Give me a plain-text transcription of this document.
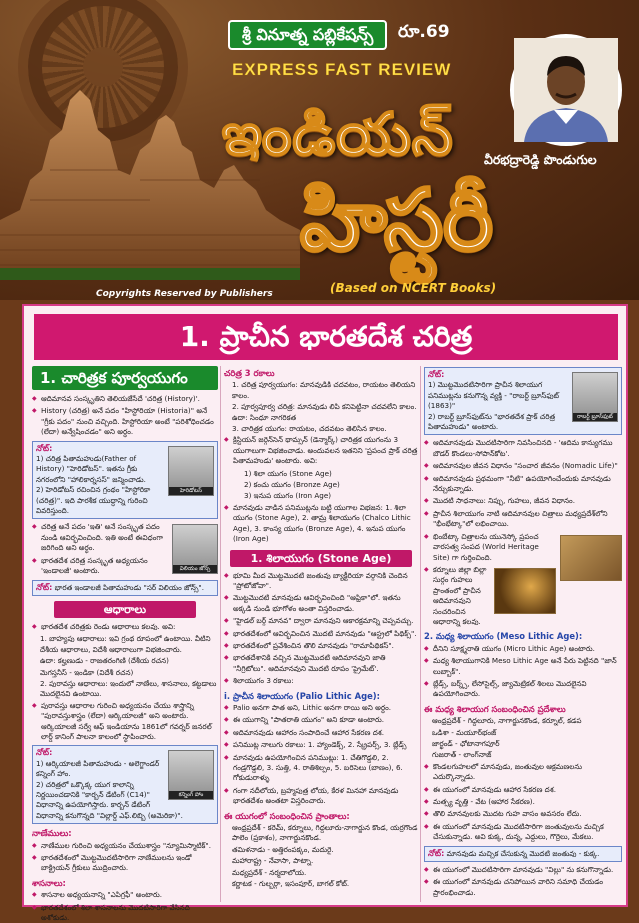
శ్రీ వినూత్న పబ్లికేషన్స్	రూ.69
EXPRESS FAST REVIEW
వీరభద్రారెడ్డి పొండుగుల
ఇండియన్
హిస్టరీ
(Based on NCERT Books)
Copyrights Reserved by Publishers
1. ప్రాచీన భారతదేశ చరిత్ర
1. చారిత్రక పూర్వయుగం
◆ ఆదిమానవ సంస్కృతిని తెలియజేసేదే 'చరిత్ర (History)'.
◆ History (చరిత్ర) అనే పదం "హిస్టోరియా (Historia)" అనే "గ్రీకు పదం" నుంచి వచ్చింది. హిస్టోరియా అంటే "పరిశోధించడం (లేదా) అన్వేషించడం" అని అర్థం.
హెరిడోటస్
నోట్:
1) చరిత్ర పితామహుడు(Father of History) "హెరిడోటస్". ఇతను గ్రీకు నగరంలోని "హాలికార్నసస్" జన్మించాడు.
2) హెరిడోటస్ రచించిన గ్రంథం "హిస్టోరికా (చరిత్ర)". ఇది పారశీక యుద్ధాన్ని గురించి వివరిస్తుంది.
విలియం జోన్స్
◆ చరిత్ర అనే పదం 'ఇతి' అనే సంస్కృత పదం నుండి ఆవిర్భవించింది. ఇతి అంటే ఈవిధంగా జరిగింది అని అర్థం.
◆ భారతదేశ చరిత్ర సంస్కృత అధ్యయనం 'ఇండాలజీ' అంటారు.
నోట్: భారత ఇండాలజీ పితామహుడు "సర్ విలియం జోన్స్".
ఆధారాలు
◆ భారతదేశ చరిత్రకు రెండు ఆధారాలు కలవు. అవి:
1. బాహ్యపు ఆధారాలు: ఇవి గ్రంథ రూపంలో ఉంటాయి. వీటిని దేశీయ ఆధారాలు, విదేశీ ఆధారాలుగా విభజించారు.
ఉదా: కల్హణుడు - రాజతరంగిణి (దేశీయ రచన)
మెగస్తనీస్ - ఇండికా (విదేశీ రచన)
2. పురావస్తు ఆధారాలు: ఇందులో నాణేలు, శాసనాలు, కట్టడాలు మొదలైనవి ఉంటాయి.
◆ పురావస్తు ఆధారాల గురించి అధ్యయనం చేయు శాస్త్రాన్ని "పురావస్తుశాస్త్రం (లేదా) ఆర్కియాలజీ" అని అంటారు. ఆర్కియాలజీ సర్వే ఆఫ్ ఇండియాను 1861లో గవర్నర్ జనరల్ లార్డ్ కానింగ్ పాలనా కాలంలో స్థాపించారు.
కన్నింగ్ హాం
నోట్:
1) ఆర్కియాలజీ పితామహుడు - అలెగ్జాండర్ కన్నింగ్ హాం.
2) చరిత్రలో ఒక్కొక్క యుగ కాలాన్ని నిర్ణయించడానికి "కార్బన్ డేటింగ్ (C14)" విధానాన్ని ఉపయోగిస్తారు. కార్బన్ డేటింగ్ విధానాన్ని కనుగొన్నది "విల్లార్డ్ ఎఫ్.లిబ్బి (అమెరికా)".
నాణేములు:
◆ నాణేముల గురించి అధ్యయనం చేయుశాస్త్రం "న్యూమిస్మాటిక్".
◆ భారతదేశంలో మొట్టమొదటిసారిగా నాణేములను ఇండో బాక్ట్రియన్ గ్రీకులు ముద్రించారు.
శాసనాలు:
◆ శాసనాల అధ్యయనాన్ని "ఎపిగ్రఫీ" అంటారు.
◆ భారతదేశంలో శిలా శాసనాలను మొదటిసారిగా వేసినది అశోకుడు.
చరిత్ర 3 రకాలు
1. చరిత్ర పూర్వయుగం: మానవుడికి చదవటం, రాయటం తెలియని కాలం.
2. పూర్వపూర్వ చరిత్ర: మానవుడు లిపి కనిపెట్టినా చదవలేని కాలం. ఉదా: సింధూ నాగరికత
3. చారిత్రక యుగం: రాయటం, చదవటం తెలిసిన కాలం.
◆ క్రిస్టియన్ జర్గెన్‌సెన్ థామ్సన్ (డెన్మార్క్) చారిత్రక యుగంను 3 యుగాలుగా విభజించాడు. అందువలన ఇతనిని 'ప్రపంచ ప్రాక్ చరిత్ర పితామహుడు' అంటారు. అవి:
1) శిలా యుగం (Stone Age)
2) కంచు యుగం (Bronze Age)
3) ఇనుప యుగం (Iron Age)
◆ మానవుడు వాడిన పనిముట్లను బట్టి యుగాల విభజన: 1. శిలా యుగం (Stone Age), 2. తామ్ర శిలాయుగం (Chalco Lithic Age), 3. కాంస్య యుగం (Bronze Age), 4. ఇనుప యుగం (Iron Age)
1. శిలాయుగం (Stone Age)
◆ భూమి మీద మొట్టమొదటి జంతువు బ్యాక్టీరియా వర్గానికి చెందిన "ప్రోటోజోవా".
◆ మొట్టమొదటి మానవుడు ఆవిర్భవించింది "ఆఫ్రికా"లో. ఇతను అక్కడి నుండి భూగోళం అంతా విస్తరించాడు.
◆ "హైడల్ బర్గ్ మానవ" ద్వారా మానవుని ఆకారక్రమాన్ని చెప్పవచ్చు.
◆ భారతదేశంలో ఆవిర్భవించిన మొదటి మానవుడు "ఆస్ట్రలో పిథిక్స్".
◆ భారతదేశంలో ప్రవేశించిన తొలి మానవుడు "రామాపిథికస్".
◆ భారతదేశానికి వచ్చిన మొట్టమొదటి ఆదిమానవుని జాతి "నీగ్రిటోలు". ఆదిమానవుని మొదటి రూపం 'ప్రైమేట్'.
◆ శిలాయుగం 3 రకాలు:
i. ప్రాచీన శిలాయుగం (Palio Lithic Age):
◆ Palio అనగా పాత అని, Lithic అనగా రాయి అని అర్థం.
◆ ఈ యుగాన్ని "పాతరాతి యుగం" అని కూడా అంటారు.
◆ ఆదిమానవుడు ఆహారం సంపాదించే ఆహార సేకరణ దశ.
◆ పనిముట్ల నాలుగు రకాలు: 1. హ్యాండెక్స్, 2. స్క్రేపర్స్, 3. బ్లేడ్స్
◆ మానవుడు ఉపయోగించిన పనిముట్లు: 1. చేతిగొడ్డలి, 2. గండ్రగొడ్డలి, 3. సుత్తి, 4. రాతిశిల్పం, 5. బరిసెలు (బాణం), 6. గోకుడురాళ్ళు
◆ గంగా నదీలోయ, బ్రహ్మపుత్ర లోయ, కేరళ మినహా మానవుడు భారతదేశం అంతటా విస్తరించారు.
ఈ యుగంలో సంబంధించిన ప్రాంతాలు:
ఆంధ్రప్రదేశ్ - కరెమ్, కర్నూలు, గిద్దలూరు-నాగార్జున కొండ, యర్రగొండ పాలెం (ప్రకాశం), నాగార్జునకొండ.
తమిళనాడు - అత్తిరంపక్కం, మదురై.
మహారాష్ట్ర - నేవాసా, పాట్నా.
మధ్యప్రదేశ్ - నర్మదాలోయ.
కర్ణాటక - గుల్బర్గా, ఇసంపూర్, బాగల్ కోట్.
రాబర్ట్ బ్రూస్‌ఫుట్
నోట్:
1) మొట్టమొదటిసారిగా ప్రాచీన శిలాయుగ పనిముట్లను కనుగొన్న వ్యక్తి - "రాబర్ట్ బ్రూస్‌ఫుట్ (1863)"
2) రాబర్ట్ బ్రూస్‌ఫుట్‌ను "భారతదేశ ప్రాక్ చరిత్ర పితామహుడు" అంటారు.
◆ ఆదిమానవుడు మొదటిసారిగా నివసించినది - 'ఆదిమ కాన్యుగము బౌడర్ కొండలు-సోపాన్‌కోట'.
◆ ఆదిమానవుల జీవన విధానం "సంచార జీవనం (Nomadic Life)"
◆ ఆదిమానవుడు ప్రథమంగా "నీటి" ఉపయోగించేందుకు మానవుడు నేర్చుకున్నాడు.
◆ మొదటి సాధనాలు: నిప్పు, గుహలు, జీవన విధానం.
◆ ప్రాచీన శిలాయుగం నాటి ఆదిమానవుల చిత్రాలు మధ్యప్రదేశ్‌లోని "భీంభేట్కా"లో లభించాయి.
◆ భింబేట్కా చిత్రాలను యునెస్కో ప్రపంచ వారసత్వ సంపద (World Heritage Site) గా గుర్తించింది.
◆ కర్నూలు జిల్లా బిల్లా సుర్గం గుహలు ప్రాంతంలో ప్రాచీన ఆదిమానవుని సంచరించిన ఆధారాన్ని కలవు.
2. మధ్య శిలాయుగం (Meso Lithic Age):
◆ దీనిని సూక్ష్మరాతి యుగం (Micro Lithic Age) అంటారు.
◆ మధ్య శిలాయుగానికి Meso Lithic Age అనే పేరు పెట్టినది "జాన్ లుబ్బాక్".
◆ బ్లేడ్స్, బర్న్స్, లేసోసైల్స్, జ్యామెట్రికల్ శిలలు మొదలైనవి ఉపయోగించారు.
ఈ మధ్య శిలాయుగ సంబంధించిన ప్రదేశాలు
ఆంధ్రప్రదేశ్ - గిద్దలూరు, నాగార్జునకొండ, కర్నూల్, కడప
ఒడిశా - మయూర్‌భంజ్
జార్ఖండ్ - ఛోటానాగపూర్
గుజరాత్ - లాంగ్‌నాజ్
◆ కొండలగుహలలో మానవుడు, జంతువుల ఆక్రమణలను ఎదుర్కొన్నాడు.
◆ ఈ యుగంలో మానవుడు ఆహార సేకరణ దశ.
◆ మత్స్య వృత్తి - వేట (ఆహార సేకరణ).
◆ తొలి మానవులకు మొదట గుహ వాసం అవసరం లేదు.
◆ ఈ యుగంలో మానవుడు మొదటిసారిగా జంతువులను మచ్చిక చేసుకున్నాడు. అవి కుక్క, దున్న, ఎద్దులు, గొర్రెలు, మేకలు.
నోట్: మానవుడు మచ్చిక చేసుకున్న మొదటి జంతువు - కుక్క.
◆ ఈ యుగంలో మొదటిసారిగా మానవుడు "విల్లు" ను కనుగొన్నాడు.
◆ ఈ యుగంలో మానవుడు చనిపోయిన వారిని సమాధి చేయడం ప్రారంభించాడు.
